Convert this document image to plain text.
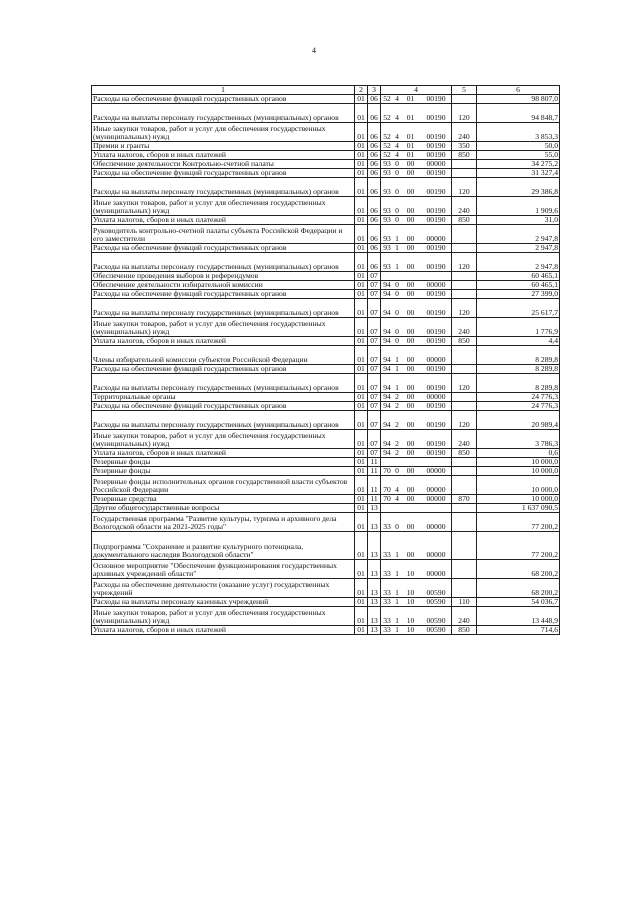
4
1	2	3	4	5	6
Расходы на обеспечение функций государственных органов	01	06	52 4 01 00190		98 807,0
Расходы на выплаты персоналу государственных (муниципальных) органов	01	06	52 4 01 00190	120	94 848,7
Иные закупки товаров, работ и услуг для обеспечения государственных (муниципальных) нужд	01	06	52 4 01 00190	240	3 853,3
Премии и гранты	01	06	52 4 01 00190	350	50,0
Уплата налогов, сборов и иных платежей	01	06	52 4 01 00190	850	55,0
Обеспечение деятельности Контрольно-счетной палаты	01	06	93 0 00 00000		34 275,2
Расходы на обеспечение функций государственных органов	01	06	93 0 00 00190		31 327,4
Расходы на выплаты персоналу государственных (муниципальных) органов	01	06	93 0 00 00190	120	29 386,8
Иные закупки товаров, работ и услуг для обеспечения государственных (муниципальных) нужд	01	06	93 0 00 00190	240	1 909,6
Уплата налогов, сборов и иных платежей	01	06	93 0 00 00190	850	31,0
Руководитель контрольно-счетной палаты субъекта Российской Федерации и его заместители	01	06	93 1 00 00000		2 947,8
Расходы на обеспечение функций государственных органов	01	06	93 1 00 00190		2 947,8
Расходы на выплаты персоналу государственных (муниципальных) органов	01	06	93 1 00 00190	120	2 947,8
Обеспечение проведения выборов и референдумов	01	07			60 465,1
Обеспечение деятельности избирательной комиссии	01	07	94 0 00 00000		60 465,1
Расходы на обеспечение функций государственных органов	01	07	94 0 00 00190		27 399,0
Расходы на выплаты персоналу государственных (муниципальных) органов	01	07	94 0 00 00190	120	25 617,7
Иные закупки товаров, работ и услуг для обеспечения государственных (муниципальных) нужд	01	07	94 0 00 00190	240	1 776,9
Уплата налогов, сборов и иных платежей	01	07	94 0 00 00190	850	4,4
Члены избирательной комиссии субъектов Российской Федерации	01	07	94 1 00 00000		8 289,8
Расходы на обеспечение функций государственных органов	01	07	94 1 00 00190		8 289,8
Расходы на выплаты персоналу государственных (муниципальных) органов	01	07	94 1 00 00190	120	8 289,8
Территориальные органы	01	07	94 2 00 00000		24 776,3
Расходы на обеспечение функций государственных органов	01	07	94 2 00 00190		24 776,3
Расходы на выплаты персоналу государственных (муниципальных) органов	01	07	94 2 00 00190	120	20 989,4
Иные закупки товаров, работ и услуг для обеспечения государственных (муниципальных) нужд	01	07	94 2 00 00190	240	3 786,3
Уплата налогов, сборов и иных платежей	01	07	94 2 00 00190	850	0,6
Резервные фонды	01	11			10 000,0
Резервные фонды	01	11	70 0 00 00000		10 000,0
Резервные фонды исполнительных органов государственной власти субъектов Российской Федерации	01	11	70 4 00 00000		10 000,0
Резервные средства	01	11	70 4 00 00000	870	10 000,0
Другие общегосударственные вопросы	01	13			1 637 090,5
Государственная программа "Развитие культуры, туризма и архивного дела Вологодской области на 2021-2025 годы"	01	13	33 0 00 00000		77 200,2
Подпрограмма "Сохранение и развитие культурного потенциала, документального наследия Вологодской области"	01	13	33 1 00 00000		77 200,2
Основное мероприятие "Обеспечение функционирования государственных архивных учреждений области"	01	13	33 1 10 00000		68 200,2
Расходы на обеспечение деятельности (оказание услуг) государственных учреждений	01	13	33 1 10 00590		68 200,2
Расходы на выплаты персоналу казенных учреждений	01	13	33 1 10 00590	110	54 036,7
Иные закупки товаров, работ и услуг для обеспечения государственных (муниципальных) нужд	01	13	33 1 10 00590	240	13 448,9
Уплата налогов, сборов и иных платежей	01	13	33 1 10 00590	850	714,6
